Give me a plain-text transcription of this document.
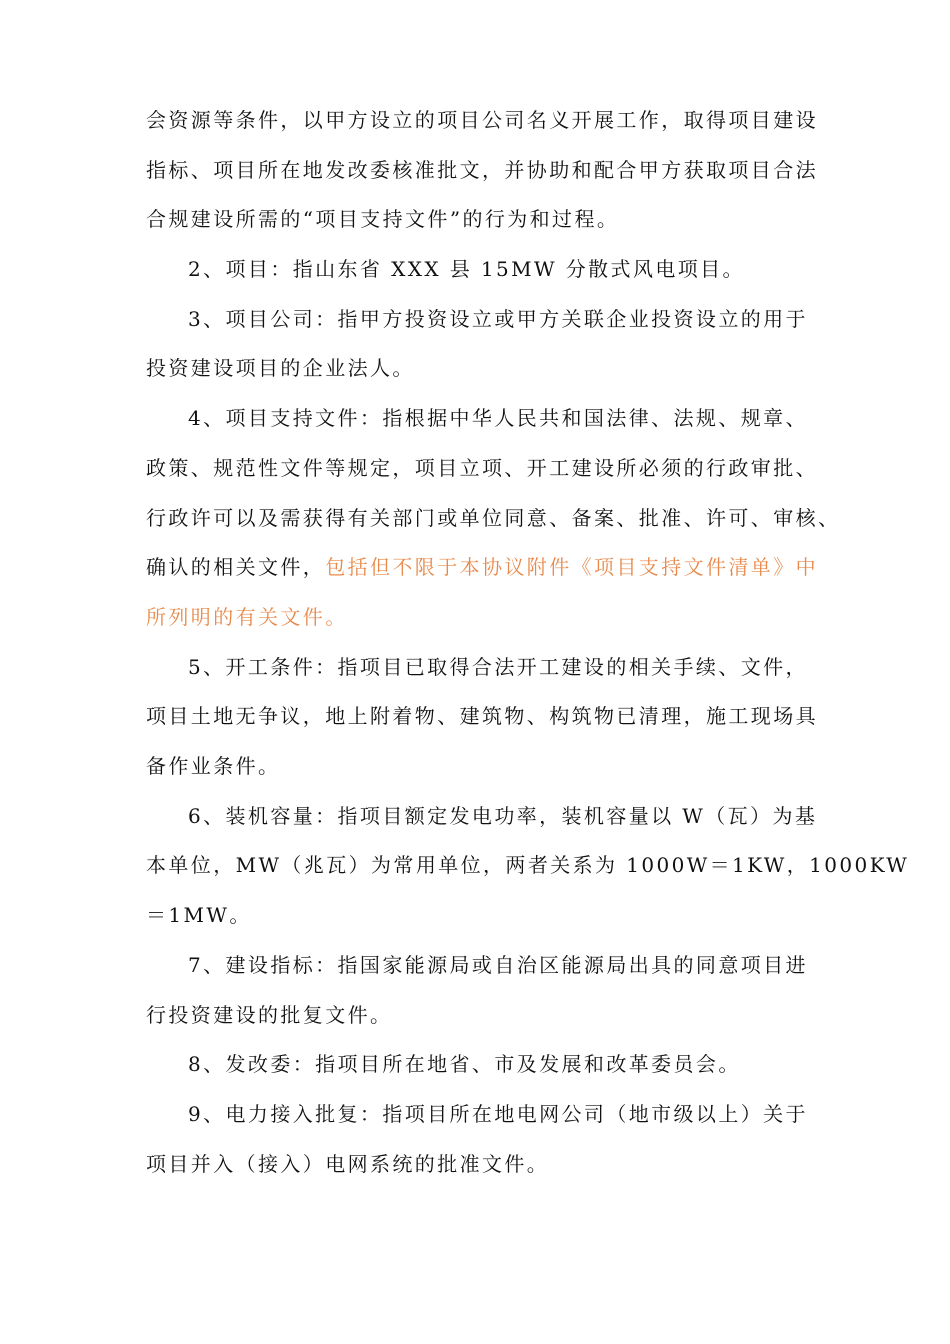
会资源等条件，以甲方设立的项目公司名义开展工作，取得项目建设
指标、项目所在地发改委核准批文，并协助和配合甲方获取项目合法
合规建设所需的“项目支持文件”的行为和过程。
2、项目：指山东省 XXX 县 15MW 分散式风电项目。
3、项目公司：指甲方投资设立或甲方关联企业投资设立的用于
投资建设项目的企业法人。
4、项目支持文件：指根据中华人民共和国法律、法规、规章、
政策、规范性文件等规定，项目立项、开工建设所必须的行政审批、
行政许可以及需获得有关部门或单位同意、备案、批准、许可、审核、
确认的相关文件，包括但不限于本协议附件《项目支持文件清单》中
所列明的有关文件。
5、开工条件：指项目已取得合法开工建设的相关手续、文件，
项目土地无争议，地上附着物、建筑物、构筑物已清理，施工现场具
备作业条件。
6、装机容量：指项目额定发电功率，装机容量以 W（瓦）为基
本单位，MW（兆瓦）为常用单位，两者关系为 1000W＝1KW，1000KW
＝1MW。
7、建设指标：指国家能源局或自治区能源局出具的同意项目进
行投资建设的批复文件。
8、发改委：指项目所在地省、市及发展和改革委员会。
9、电力接入批复：指项目所在地电网公司（地市级以上）关于
项目并入（接入）电网系统的批准文件。
